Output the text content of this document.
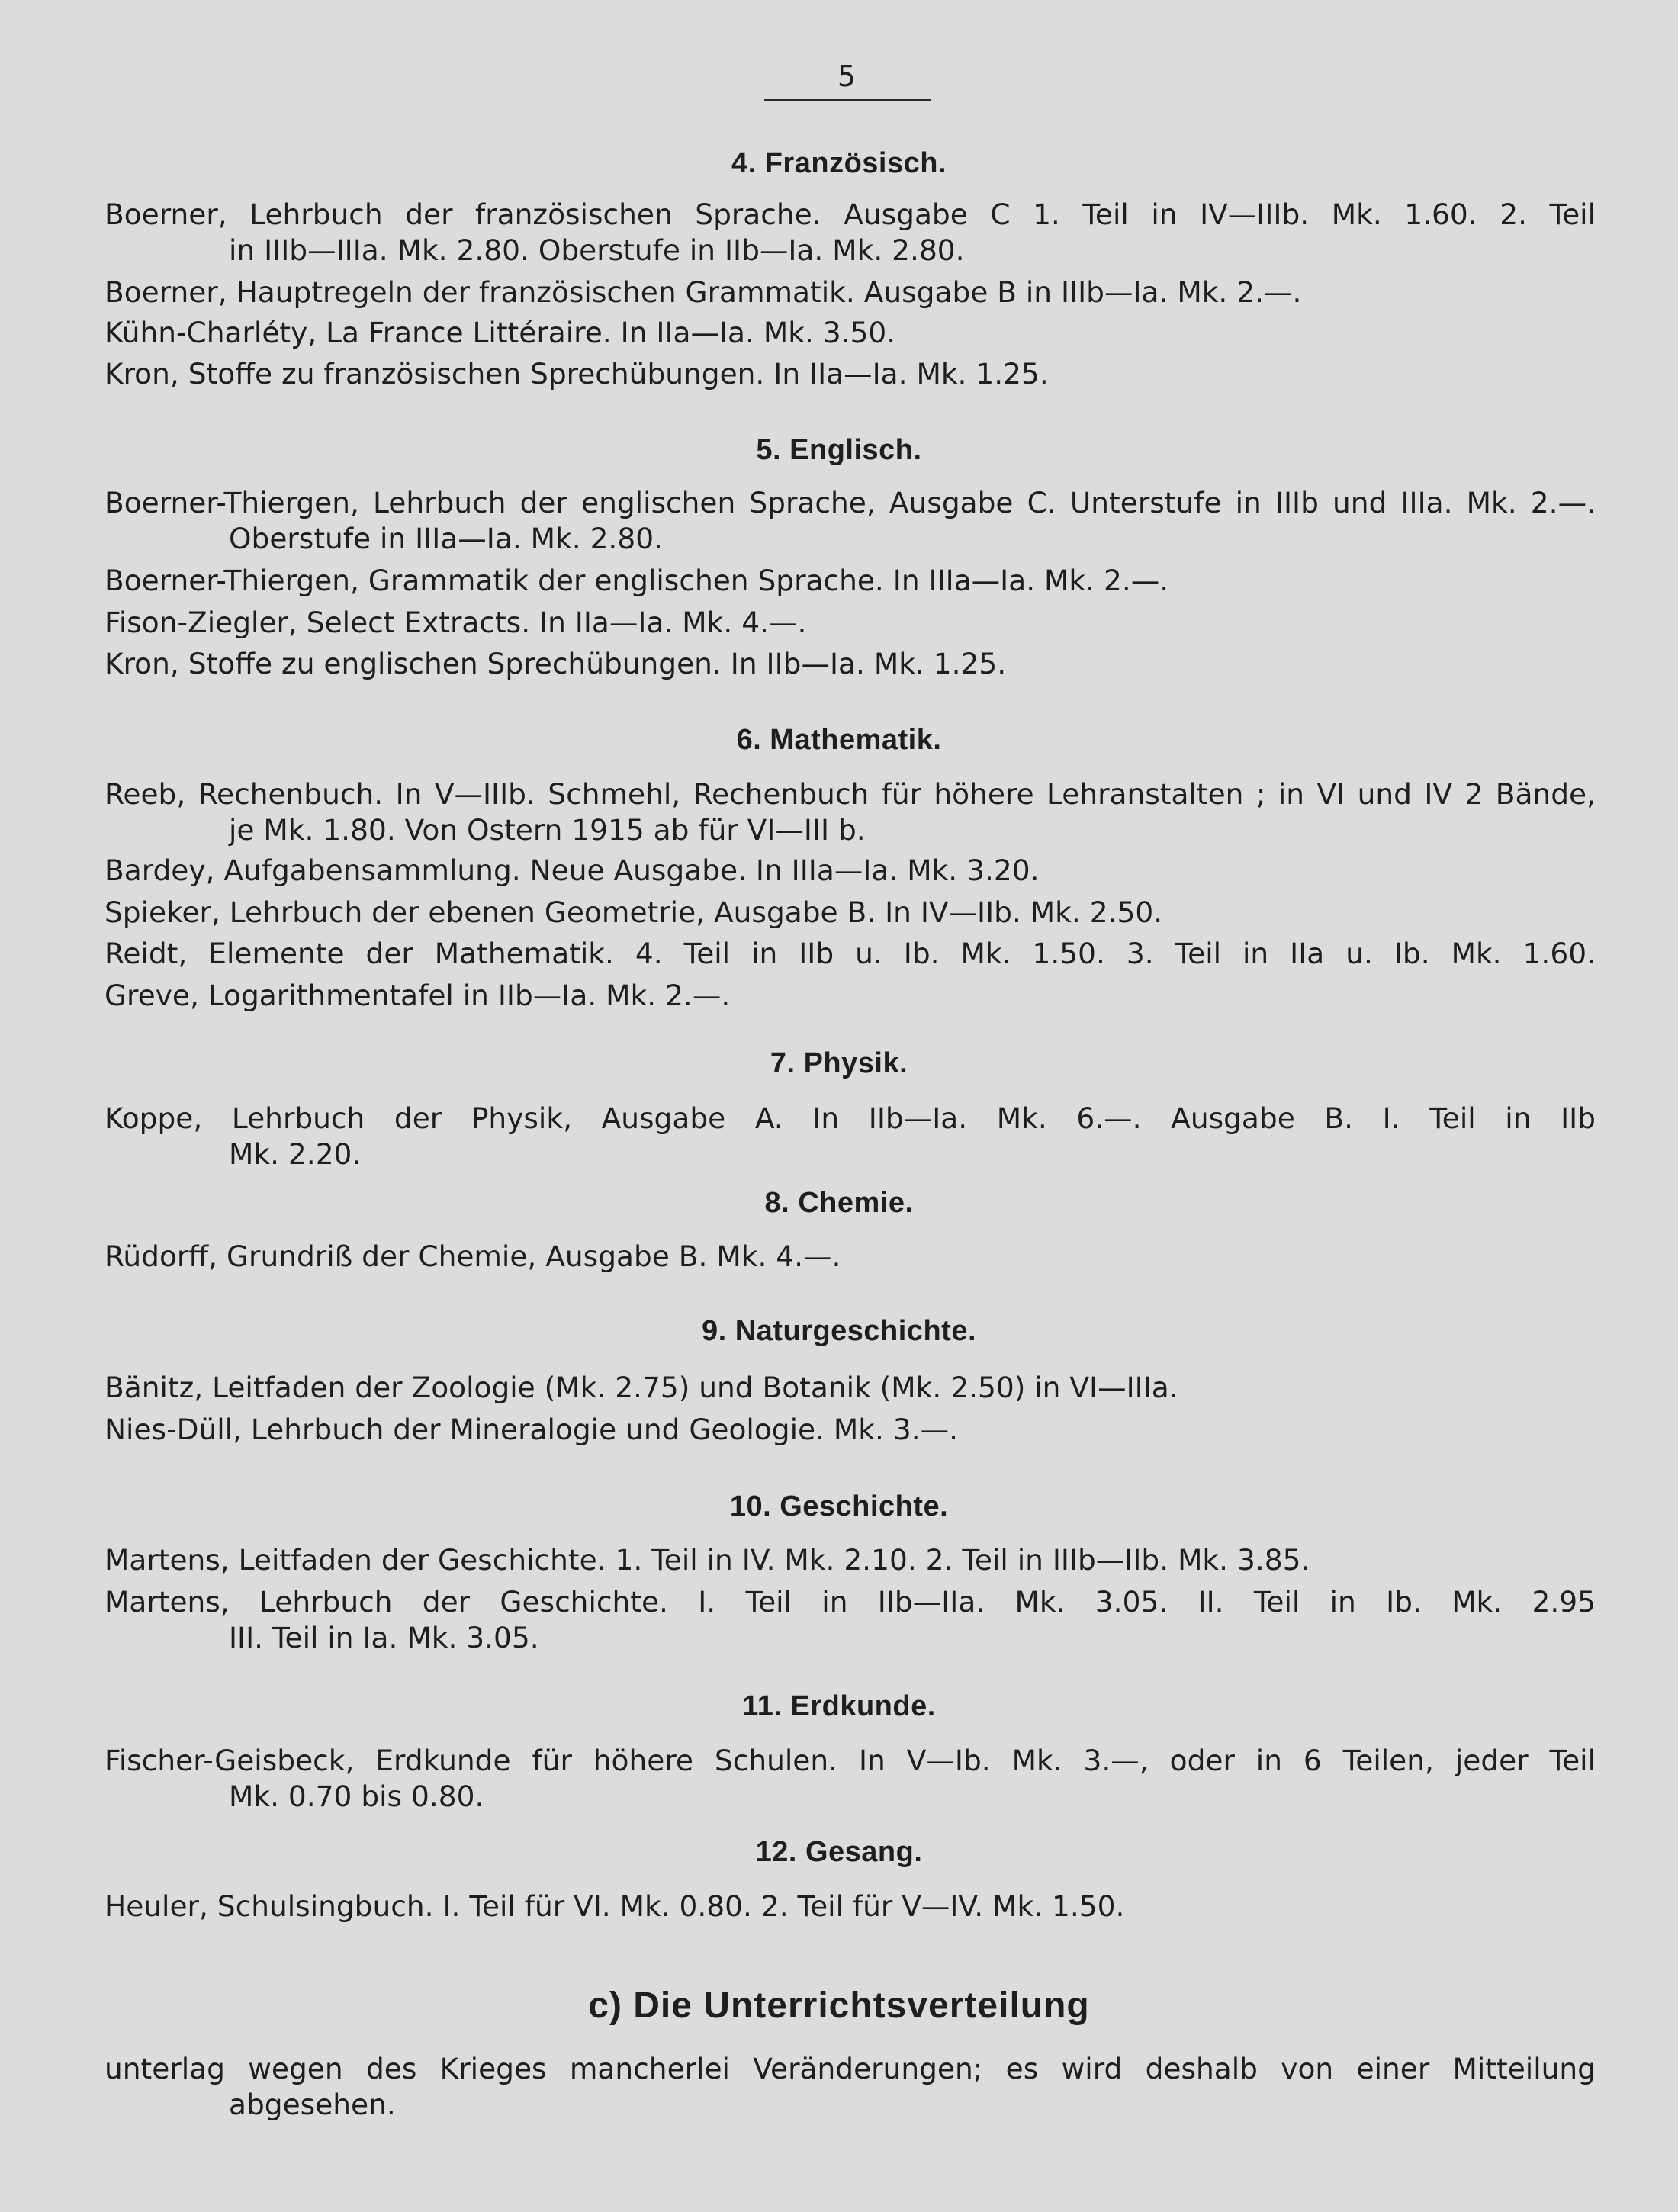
5
4. Französisch.
Boerner, Lehrbuch der französischen Sprache. Ausgabe C 1. Teil in IV—IIIb. Mk. 1.60. 2. Teil
in IIIb—IIIa. Mk. 2.80. Oberstufe in IIb—Ia. Mk. 2.80.
Boerner, Hauptregeln der französischen Grammatik. Ausgabe B in IIIb—Ia. Mk. 2.—.
Kühn-Charléty, La France Littéraire. In IIa—Ia. Mk. 3.50.
Kron, Stoffe zu französischen Sprechübungen. In IIa—Ia. Mk. 1.25.
5. Englisch.
Boerner-Thiergen, Lehrbuch der englischen Sprache, Ausgabe C. Unterstufe in IIIb und IIIa. Mk. 2.—.
Oberstufe in IIIa—Ia. Mk. 2.80.
Boerner-Thiergen, Grammatik der englischen Sprache. In IIIa—Ia. Mk. 2.—.
Fison-Ziegler, Select Extracts. In IIa—Ia. Mk. 4.—.
Kron, Stoffe zu englischen Sprechübungen. In IIb—Ia. Mk. 1.25.
6. Mathematik.
Reeb, Rechenbuch. In V—IIIb. Schmehl, Rechenbuch für höhere Lehranstalten ; in VI und IV 2 Bände,
je Mk. 1.80. Von Ostern 1915 ab für VI—III b.
Bardey, Aufgabensammlung. Neue Ausgabe. In IIIa—Ia. Mk. 3.20.
Spieker, Lehrbuch der ebenen Geometrie, Ausgabe B. In IV—IIb. Mk. 2.50.
Reidt, Elemente der Mathematik. 4. Teil in IIb u. Ib. Mk. 1.50. 3. Teil in IIa u. Ib. Mk. 1.60.
Greve, Logarithmentafel in IIb—Ia. Mk. 2.—.
7. Physik.
Koppe, Lehrbuch der Physik, Ausgabe A. In IIb—Ia. Mk. 6.—. Ausgabe B. I. Teil in IIb
Mk. 2.20.
8. Chemie.
Rüdorff, Grundriß der Chemie, Ausgabe B. Mk. 4.—.
9. Naturgeschichte.
Bänitz, Leitfaden der Zoologie (Mk. 2.75) und Botanik (Mk. 2.50) in VI—IIIa.
Nies-Düll, Lehrbuch der Mineralogie und Geologie. Mk. 3.—.
10. Geschichte.
Martens, Leitfaden der Geschichte. 1. Teil in IV. Mk. 2.10. 2. Teil in IIIb—IIb. Mk. 3.85.
Martens, Lehrbuch der Geschichte. I. Teil in IIb—IIa. Mk. 3.05. II. Teil in Ib. Mk. 2.95
III. Teil in Ia. Mk. 3.05.
11. Erdkunde.
Fischer-Geisbeck, Erdkunde für höhere Schulen. In V—Ib. Mk. 3.—, oder in 6 Teilen, jeder Teil
Mk. 0.70 bis 0.80.
12. Gesang.
Heuler, Schulsingbuch. I. Teil für VI. Mk. 0.80. 2. Teil für V—IV. Mk. 1.50.
c) Die Unterrichtsverteilung
unterlag wegen des Krieges mancherlei Veränderungen; es wird deshalb von einer Mitteilung
abgesehen.
